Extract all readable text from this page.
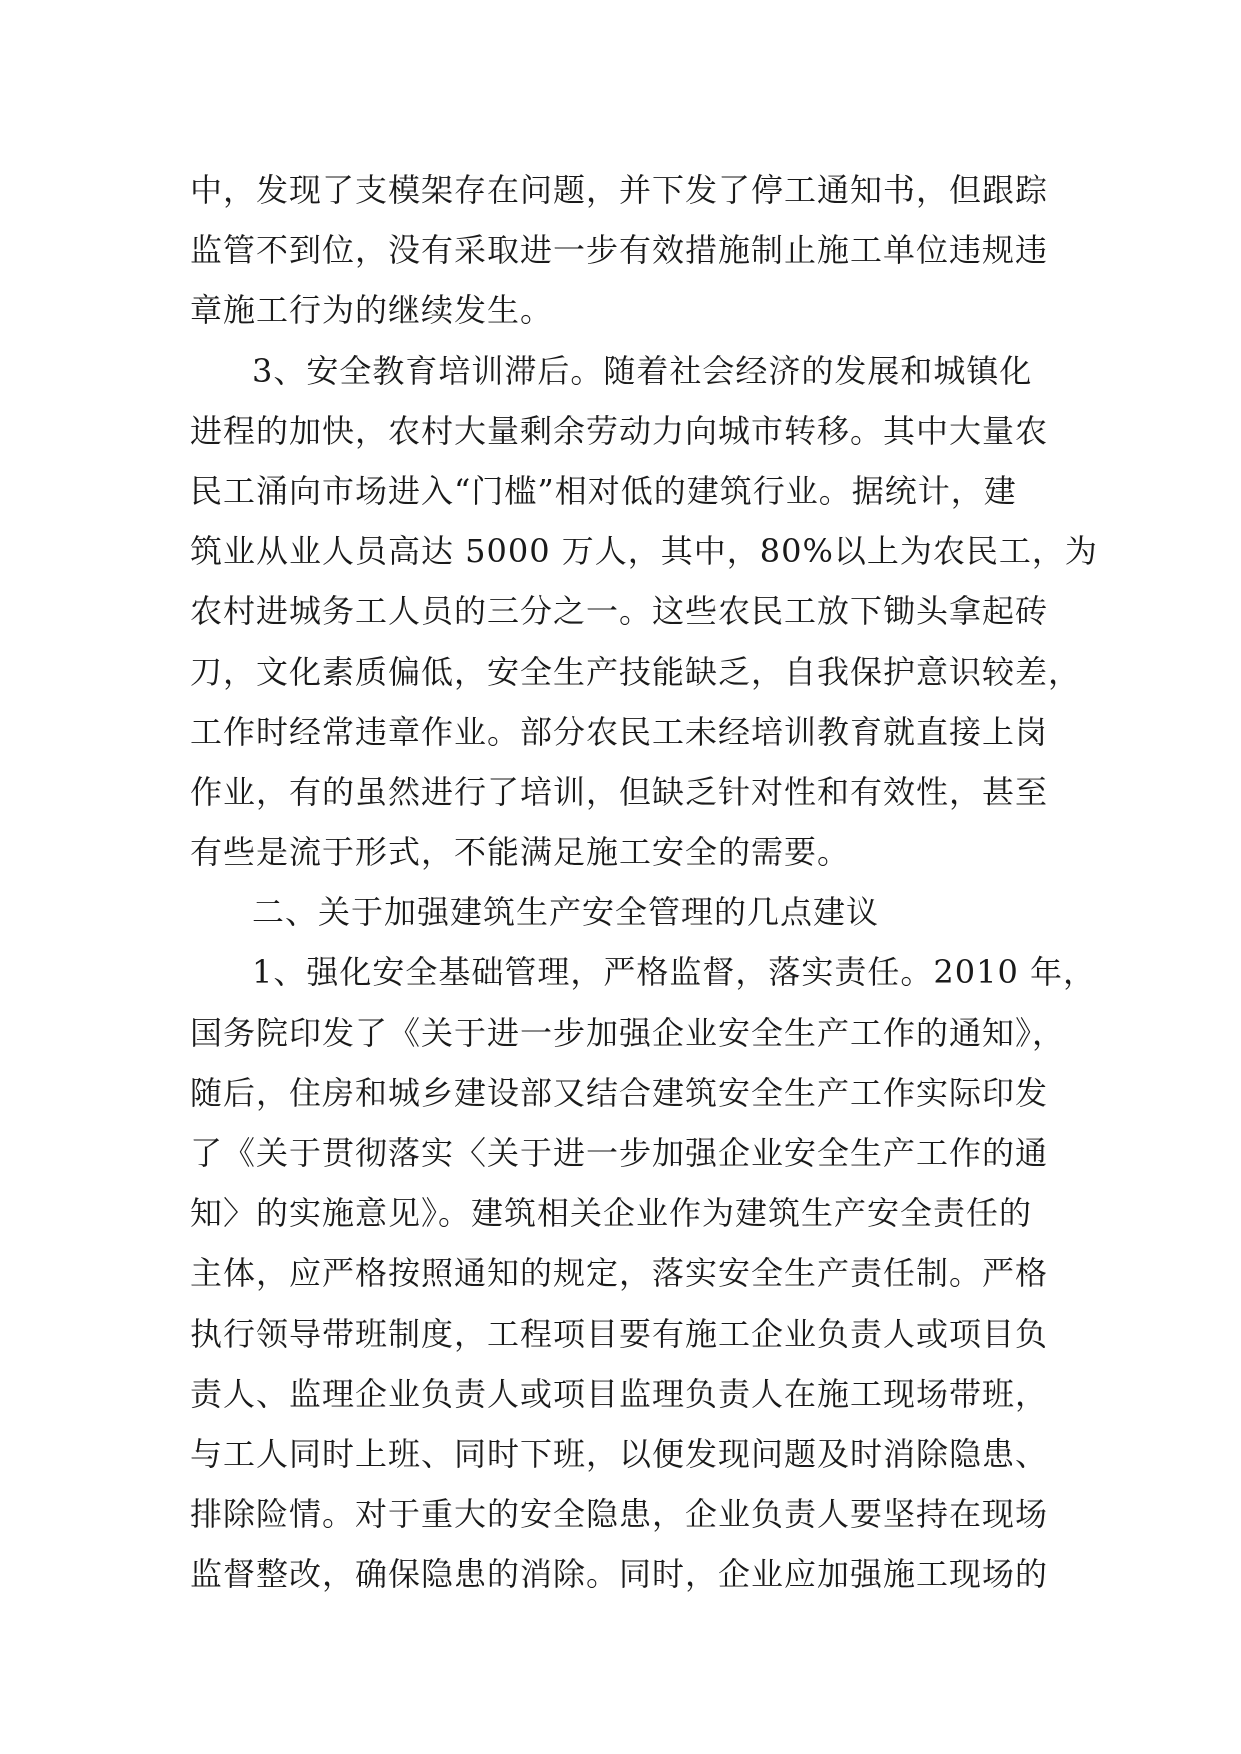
中，发现了支模架存在问题，并下发了停工通知书，但跟踪
监管不到位，没有采取进一步有效措施制止施工单位违规违
章施工行为的继续发生。
3、安全教育培训滞后。随着社会经济的发展和城镇化
进程的加快，农村大量剩余劳动力向城市转移。其中大量农
民工涌向市场进入“门槛”相对低的建筑行业。据统计，建
筑业从业人员高达 5000 万人，其中，80%以上为农民工，为
农村进城务工人员的三分之一。这些农民工放下锄头拿起砖
刀，文化素质偏低，安全生产技能缺乏，自我保护意识较差，
工作时经常违章作业。部分农民工未经培训教育就直接上岗
作业，有的虽然进行了培训，但缺乏针对性和有效性，甚至
有些是流于形式，不能满足施工安全的需要。
二、关于加强建筑生产安全管理的几点建议
1、强化安全基础管理，严格监督，落实责任。2010 年，
国务院印发了《关于进一步加强企业安全生产工作的通知》，
随后，住房和城乡建设部又结合建筑安全生产工作实际印发
了《关于贯彻落实〈关于进一步加强企业安全生产工作的通
知〉的实施意见》。建筑相关企业作为建筑生产安全责任的
主体，应严格按照通知的规定，落实安全生产责任制。严格
执行领导带班制度，工程项目要有施工企业负责人或项目负
责人、监理企业负责人或项目监理负责人在施工现场带班，
与工人同时上班、同时下班，以便发现问题及时消除隐患、
排除险情。对于重大的安全隐患，企业负责人要坚持在现场
监督整改，确保隐患的消除。同时，企业应加强施工现场的
